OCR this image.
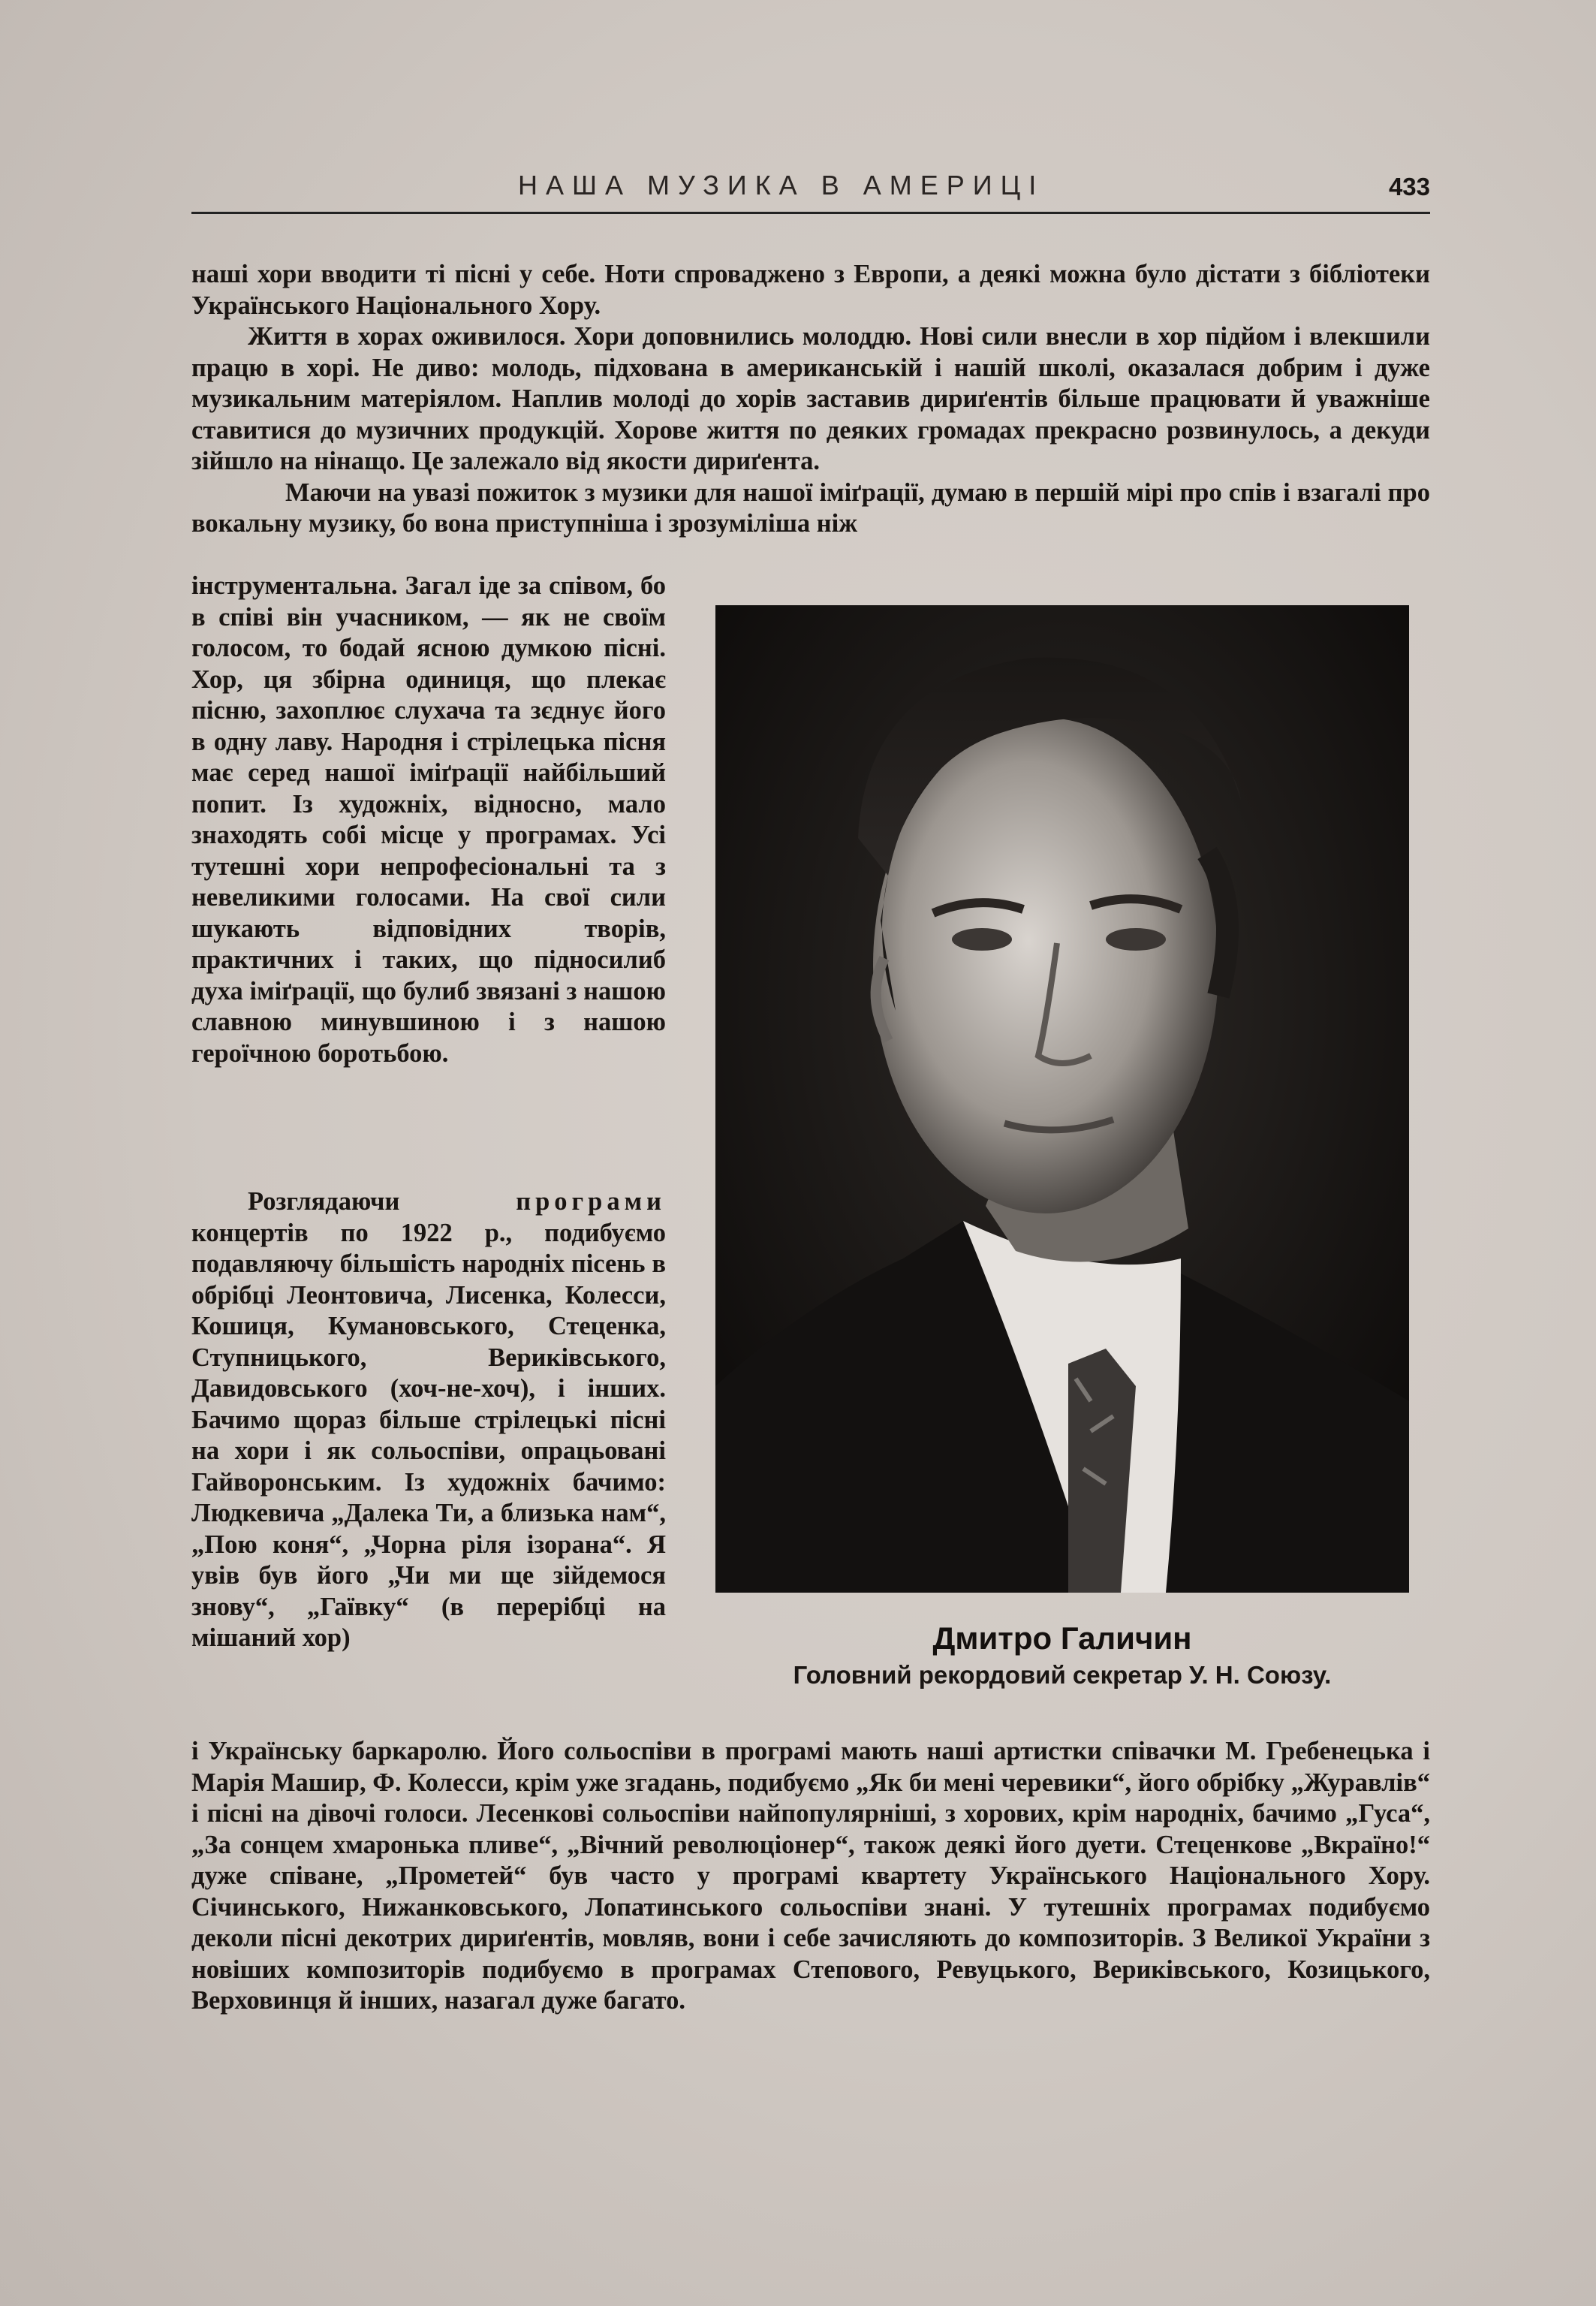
НАША МУЗИКА В АМЕРИЦІ	433

наші хори вводити ті пісні у себе. Ноти спроваджено з Европи, а деякі можна було дістати з бібліотеки Українського Національного Хору.

Життя в хорах оживилося. Хори доповнились молоддю. Нові сили внесли в хор підйом і влекшили працю в хорі. Не диво: молодь, підхована в американській і нашій школі, оказалася добрим і дуже музикальним матеріялом. Наплив молоді до хорів заставив дириґентів більше працювати й уважніше ставитися до музичних продукцій. Хорове життя по деяких громадах прекрасно розвинулось, а декуди зійшло на нінащо. Це залежало від якости дириґента.

Маючи на увазі пожиток з музики для нашої іміґрації, думаю в першій мірі про спів і взагалі про вокальну музику, бо вона приступніша і зрозуміліша ніж

інструментальна. Загал іде за співом, бо в співі він учасником, — як не своїм голосом, то бодай ясною думкою пісні. Хор, ця збірна одиниця, що плекає пісню, захоплює слухача та зєднує його в одну лаву. Народня і стрілецька пісня має серед нашої іміґрації найбільший попит. Із художніх, відносно, мало знаходять собі місце у програмах. Усі тутешні хори непрофесіональні та з невеликими голосами. На свої сили шукають відповідних творів, практичних і таких, що підносилиб духа іміґрації, що булиб звязані з нашою славною минувшиною і з нашою героїчною боротьбою.

Розглядаючи	програми концертів по 1922 р., подибуємо подавляючу більшість народніх пісень в обрібці Леонтовича, Лисенка, Колесси, Кошиця, Кумановського, Стеценка, Ступницького, Вериківського, Давидовського (хоч-не-хоч), і інших. Бачимо щораз більше стрілецькі пісні на хори і як сольоспіви, опрацьовані Гайворонським. Із художніх бачимо: Людкевича „Далека Ти, а близька нам“, „Пою коня“, „Чорна ріля ізорана“. Я увів був його „Чи ми ще зійдемося знову“, „Гаївку“ (в перерібці на мішаний хор)	Дмитро Галичин
Головний рекордовий секретар У. Н. Союзу.

і Українську баркаролю. Його сольоспіви в програмі мають наші артистки співачки М. Гребенецька і Марія Машир, Ф. Колесси, крім уже згадань, подибуємо „Як би мені черевики“, його обрібку „Журавлів“ і пісні на дівочі голоси. Лесенкові сольоспіви найпопулярніші, з хорових, крім народніх, бачимо „Гуса“, „За сонцем хмаронька пливе“, „Вічний революціонер“, також деякі його дуети. Стеценкове „Вкраїно!“ дуже співане, „Прометей“ був часто у програмі квартету Українського Національного Хору. Січинського, Нижанковського, Лопатинського сольоспіви знані. У тутешніх програмах подибуємо деколи пісні декотрих дириґентів, мовляв, вони і себе зачисляють до композиторів. З Великої України з новіших композиторів подибуємо в програмах Степового, Ревуцького, Вериківського, Козицького, Верховинця й інших, назагал дуже багато.
